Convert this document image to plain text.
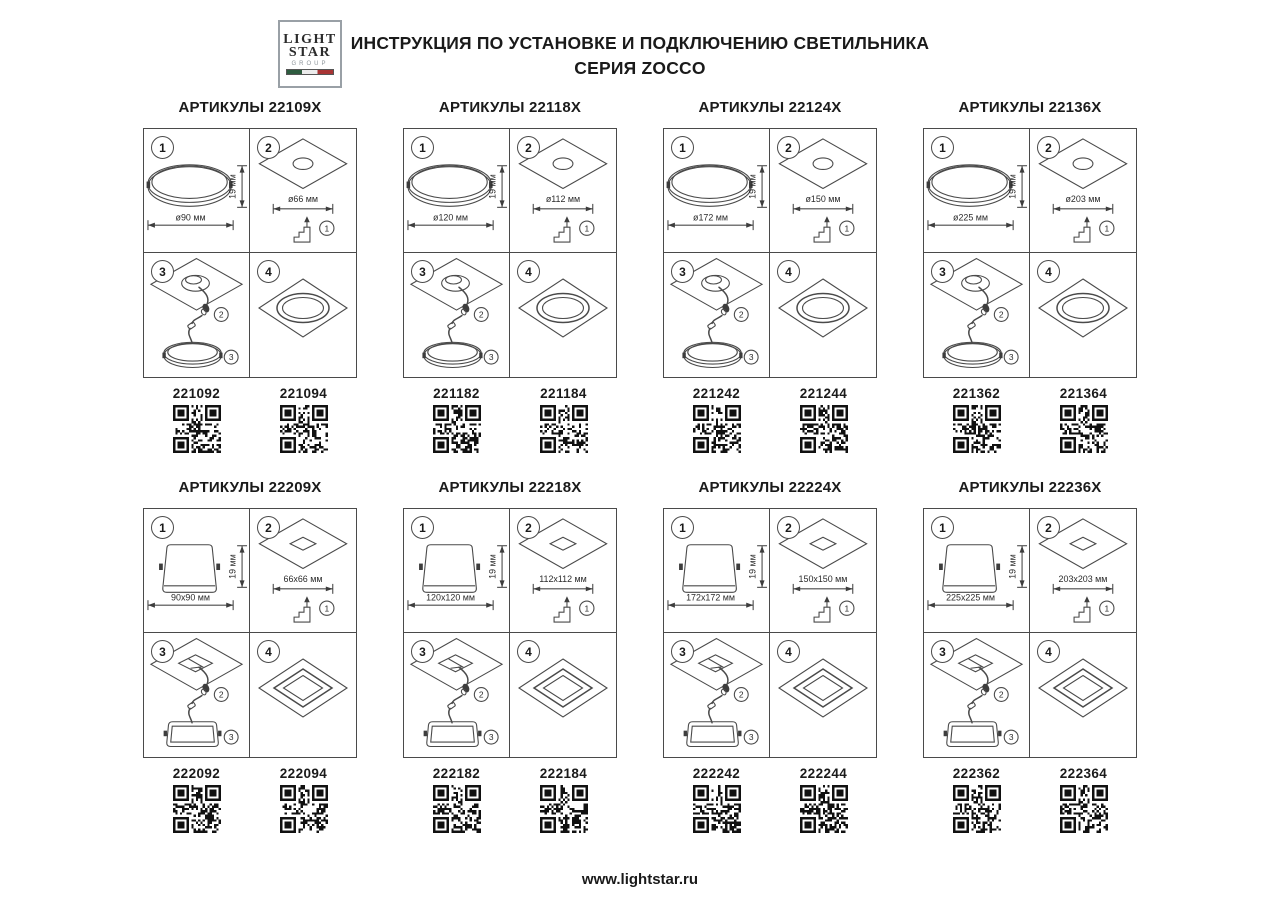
LIGHT
STAR
GROUP
ИНСТРУКЦИЯ ПО УСТАНОВКЕ И ПОДКЛЮЧЕНИЮ СВЕТИЛЬНИКА
СЕРИЯ ZOCCO
АРТИКУЛЫ 22109X
1
ø90 мм
19 мм
2
ø66 мм
1
3
2
3
4
221092	221094
АРТИКУЛЫ 22118X
1
ø120 мм
19 мм
2
ø112 мм
1
3
2
3
4
221182	221184
АРТИКУЛЫ 22124X
1
ø172 мм
19 мм
2
ø150 мм
1
3
2
3
4
221242	221244
АРТИКУЛЫ 22136X
1
ø225 мм
19 мм
2
ø203 мм
1
3
2
3
4
221362	221364
АРТИКУЛЫ 22209X
1
90x90 мм
19 мм
2
66x66 мм
1
3
2
3
4
222092	222094
АРТИКУЛЫ 22218X
1
120x120 мм
19 мм
2
112x112 мм
1
3
2
3
4
222182	222184
АРТИКУЛЫ 22224X
1
172x172 мм
19 мм
2
150x150 мм
1
3
2
3
4
222242	222244
АРТИКУЛЫ 22236X
1
225x225 мм
19 мм
2
203x203 мм
1
3
2
3
4
222362	222364
www.lightstar.ru
